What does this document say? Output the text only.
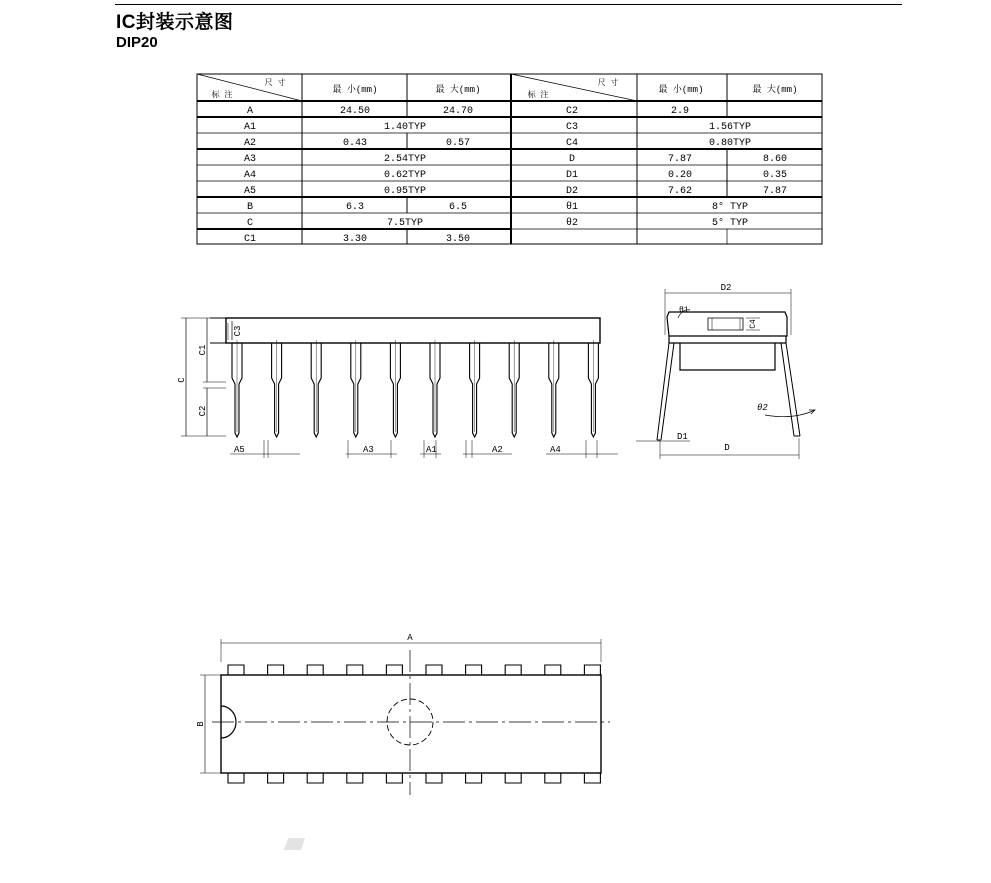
IC封装示意图
DIP20
尺 寸
标 注
最 小(mm)	最 大(mm)
尺 寸
标 注
最 小(mm)	最 大(mm)
A	24.50	24.70
A1	1.40TYP
A2	0.43	0.57
A3	2.54TYP
A4	0.62TYP
A5	0.95TYP
B	6.3	6.5
C	7.5TYP
C1	3.30	3.50
C2	2.9
C3	1.56TYP
C4	0.80TYP
D	7.87	8.60
D1	0.20	0.35
D2	7.62	7.87
θ1	8° TYP
θ2	5° TYP
C
C1
C2
C3
A5	A3	A1	A2	A4
D2
θ1
C4
θ2
D1
D
A
B
